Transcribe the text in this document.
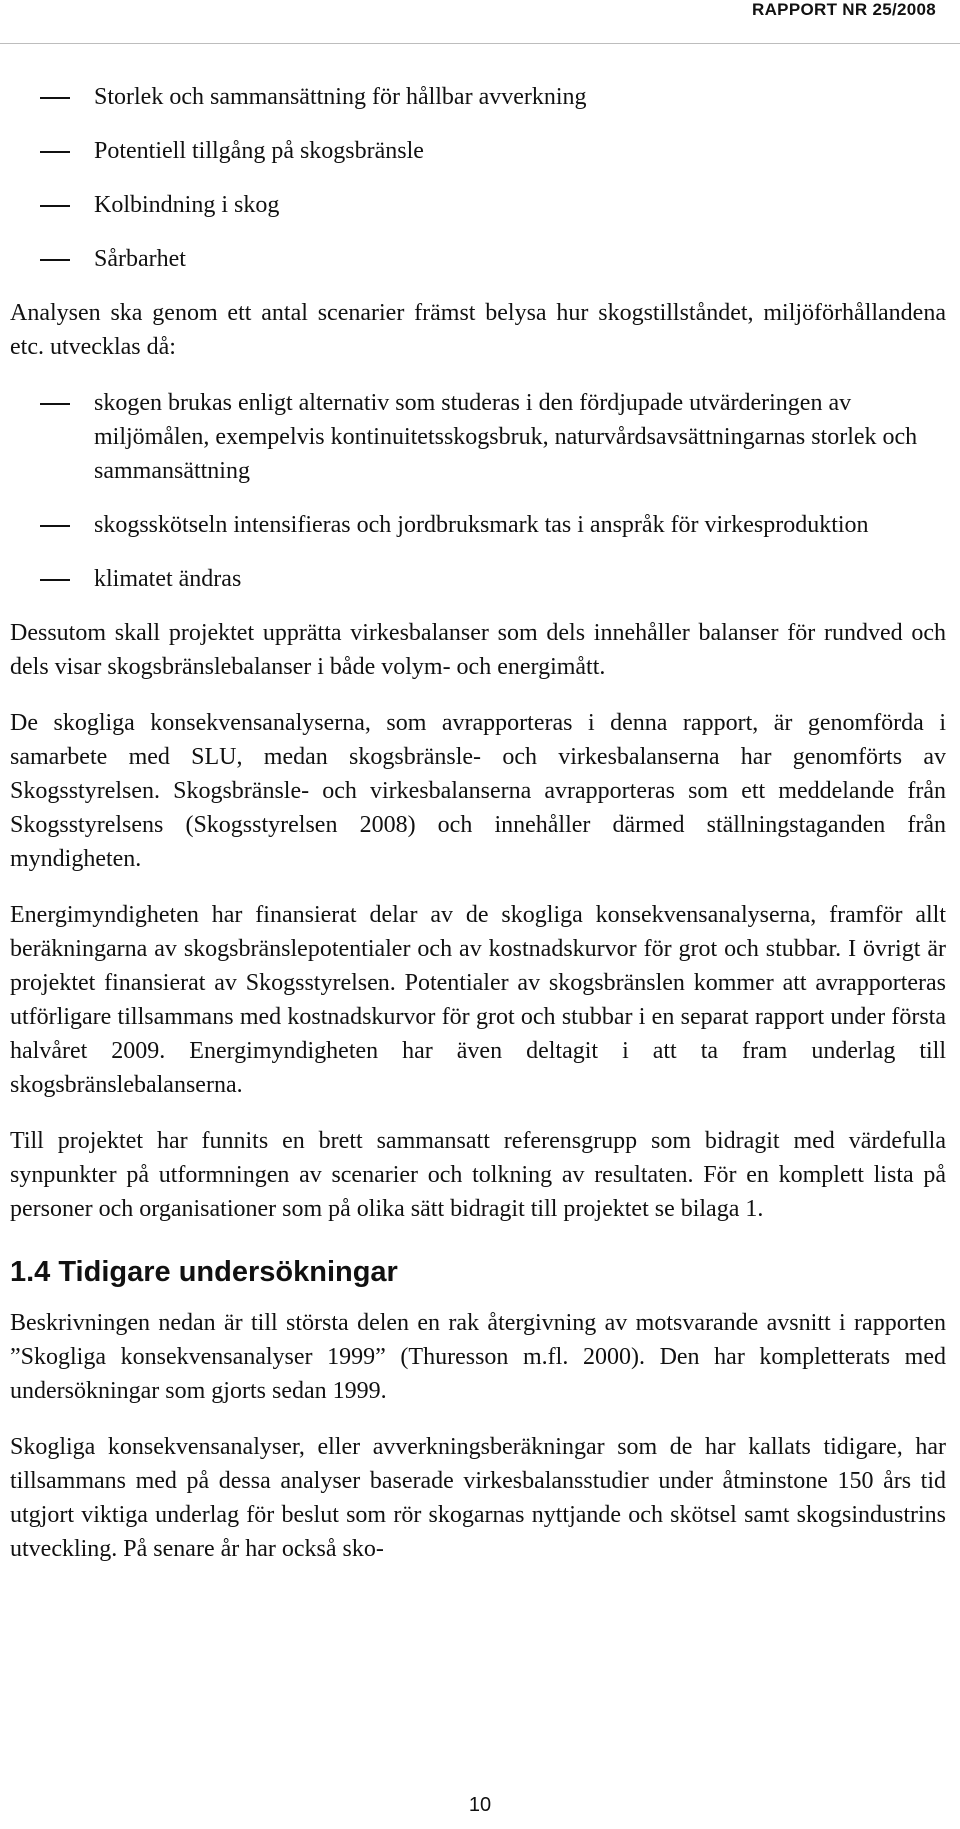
RAPPORT NR 25/2008
Storlek och sammansättning för hållbar avverkning
Potentiell tillgång på skogsbränsle
Kolbindning i skog
Sårbarhet

Analysen ska genom ett antal scenarier främst belysa hur skogstillståndet, miljöförhållandena etc. utvecklas då:

skogen brukas enligt alternativ som studeras i den fördjupade utvärderingen av miljömålen, exempelvis kontinuitetsskogsbruk, naturvårdsavsättningarnas storlek och sammansättning
skogsskötseln intensifieras och jordbruksmark tas i anspråk för virkesproduktion
klimatet ändras

Dessutom skall projektet upprätta virkesbalanser som dels innehåller balanser för rundved och dels visar skogsbränslebalanser i både volym- och energimått.

De skogliga konsekvensanalyserna, som avrapporteras i denna rapport, är genomförda i samarbete med SLU, medan skogsbränsle- och virkesbalanserna har genomförts av Skogsstyrelsen. Skogsbränsle- och virkesbalanserna avrapporteras som ett meddelande från Skogsstyrelsens (Skogsstyrelsen 2008) och innehåller därmed ställningstaganden från myndigheten.

Energimyndigheten har finansierat delar av de skogliga konsekvensanalyserna, framför allt beräkningarna av skogsbränslepotentialer och av kostnadskurvor för grot och stubbar. I övrigt är projektet finansierat av Skogsstyrelsen. Potentialer av skogsbränslen kommer att avrapporteras utförligare tillsammans med kostnadskurvor för grot och stubbar i en separat rapport under första halvåret 2009. Energimyndigheten har även deltagit i att ta fram underlag till skogsbränslebalanserna.

Till projektet har funnits en brett sammansatt referensgrupp som bidragit med värdefulla synpunkter på utformningen av scenarier och tolkning av resultaten. För en komplett lista på personer och organisationer som på olika sätt bidragit till projektet se bilaga 1.

1.4 Tidigare undersökningar

Beskrivningen nedan är till största delen en rak återgivning av motsvarande avsnitt i rapporten ”Skogliga konsekvensanalyser 1999” (Thuresson m.fl. 2000). Den har kompletterats med undersökningar som gjorts sedan 1999.

Skogliga konsekvensanalyser, eller avverkningsberäkningar som de har kallats tidigare, har tillsammans med på dessa analyser baserade virkesbalansstudier under åtminstone 150 års tid utgjort viktiga underlag för beslut som rör skogarnas nyttjande och skötsel samt skogsindustrins utveckling. På senare år har också sko-

10
